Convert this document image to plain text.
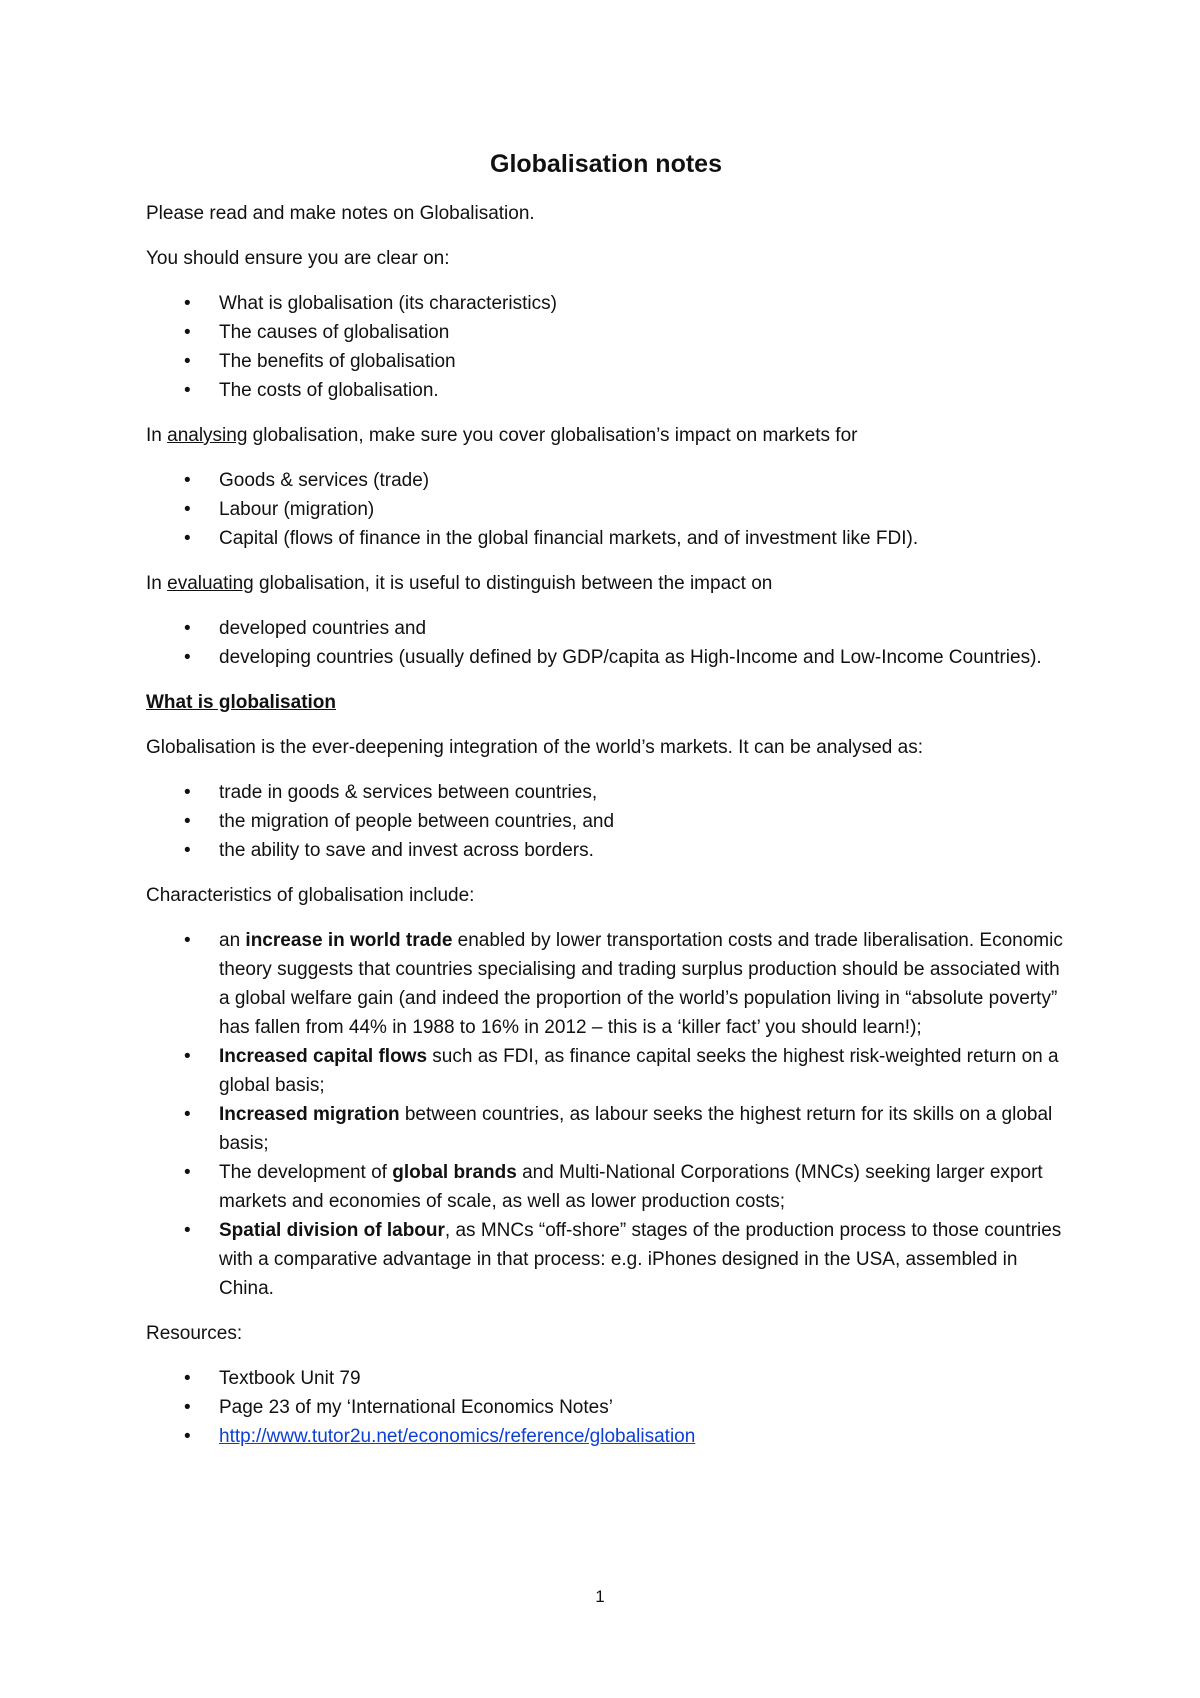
Globalisation notes

Please read and make notes on Globalisation.

You should ensure you are clear on:

• What is globalisation (its characteristics)
• The causes of globalisation
• The benefits of globalisation
• The costs of globalisation.

In analysing globalisation, make sure you cover globalisation’s impact on markets for

• Goods & services (trade)
• Labour (migration)
• Capital (flows of finance in the global financial markets, and of investment like FDI).

In evaluating globalisation, it is useful to distinguish between the impact on

• developed countries and
• developing countries (usually defined by GDP/capita as High-Income and Low-Income Countries).

What is globalisation

Globalisation is the ever-deepening integration of the world’s markets. It can be analysed as:

• trade in goods & services between countries,
• the migration of people between countries, and
• the ability to save and invest across borders.

Characteristics of globalisation include:

• an increase in world trade enabled by lower transportation costs and trade liberalisation. Economic theory suggests that countries specialising and trading surplus production should be associated with a global welfare gain (and indeed the proportion of the world’s population living in “absolute poverty” has fallen from 44% in 1988 to 16% in 2012 – this is a ‘killer fact’ you should learn!);
• Increased capital flows such as FDI, as finance capital seeks the highest risk-weighted return on a global basis;
• Increased migration between countries, as labour seeks the highest return for its skills on a global basis;
• The development of global brands and Multi-National Corporations (MNCs) seeking larger export markets and economies of scale, as well as lower production costs;
• Spatial division of labour, as MNCs “off-shore” stages of the production process to those countries with a comparative advantage in that process: e.g. iPhones designed in the USA, assembled in China.

Resources:

• Textbook Unit 79
• Page 23 of my ‘International Economics Notes’
• http://www.tutor2u.net/economics/reference/globalisation
1
